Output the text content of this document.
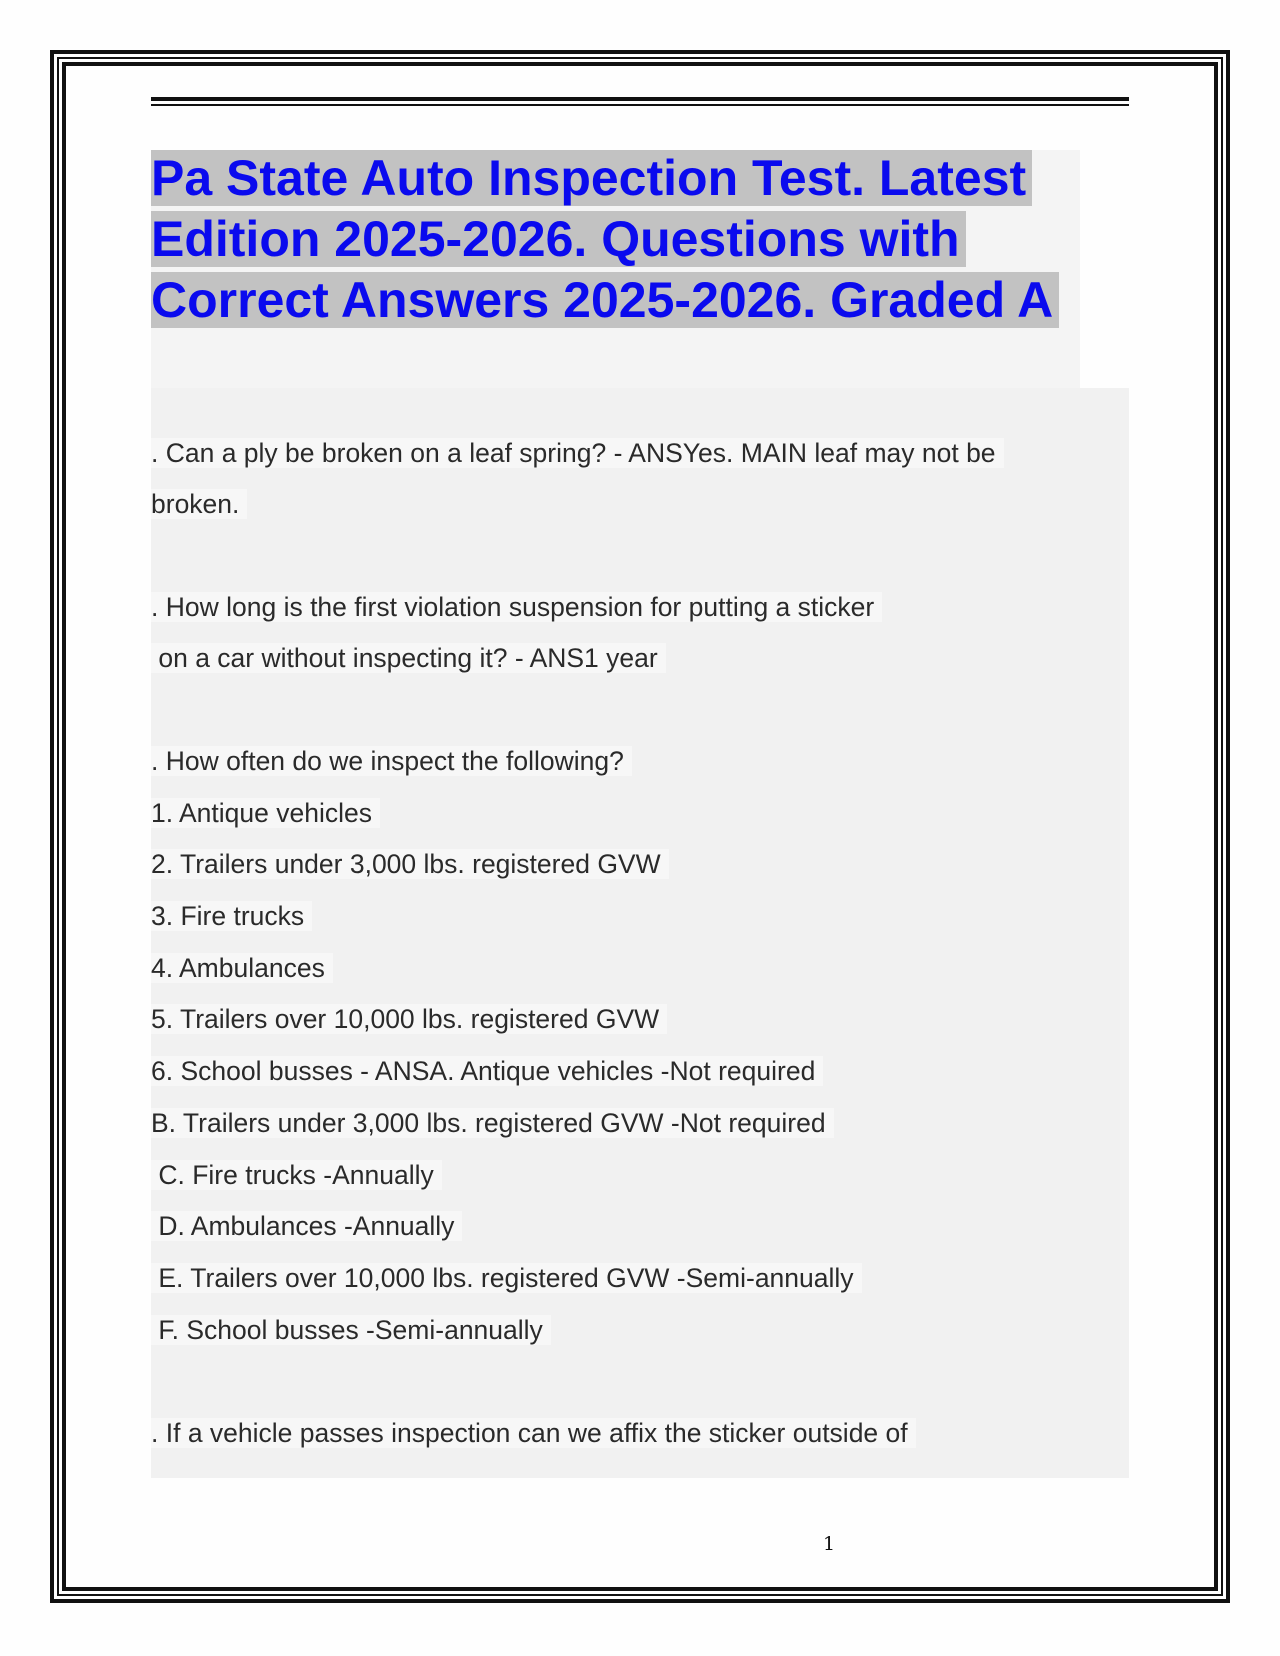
Pa State Auto Inspection Test. Latest
Edition 2025-2026. Questions with
Correct Answers 2025-2026. Graded A

. Can a ply be broken on a leaf spring? - ANSYes. MAIN leaf may not be

broken.

. How long is the first violation suspension for putting a sticker

on a car without inspecting it? - ANS1 year

. How often do we inspect the following?

1. Antique vehicles

2. Trailers under 3,000 lbs. registered GVW

3. Fire trucks

4. Ambulances

5. Trailers over 10,000 lbs. registered GVW

6. School busses - ANSA. Antique vehicles -Not required

B. Trailers under 3,000 lbs. registered GVW -Not required

C. Fire trucks -Annually

D. Ambulances -Annually

E. Trailers over 10,000 lbs. registered GVW -Semi-annually

F. School busses -Semi-annually

. If a vehicle passes inspection can we affix the sticker outside of

1
